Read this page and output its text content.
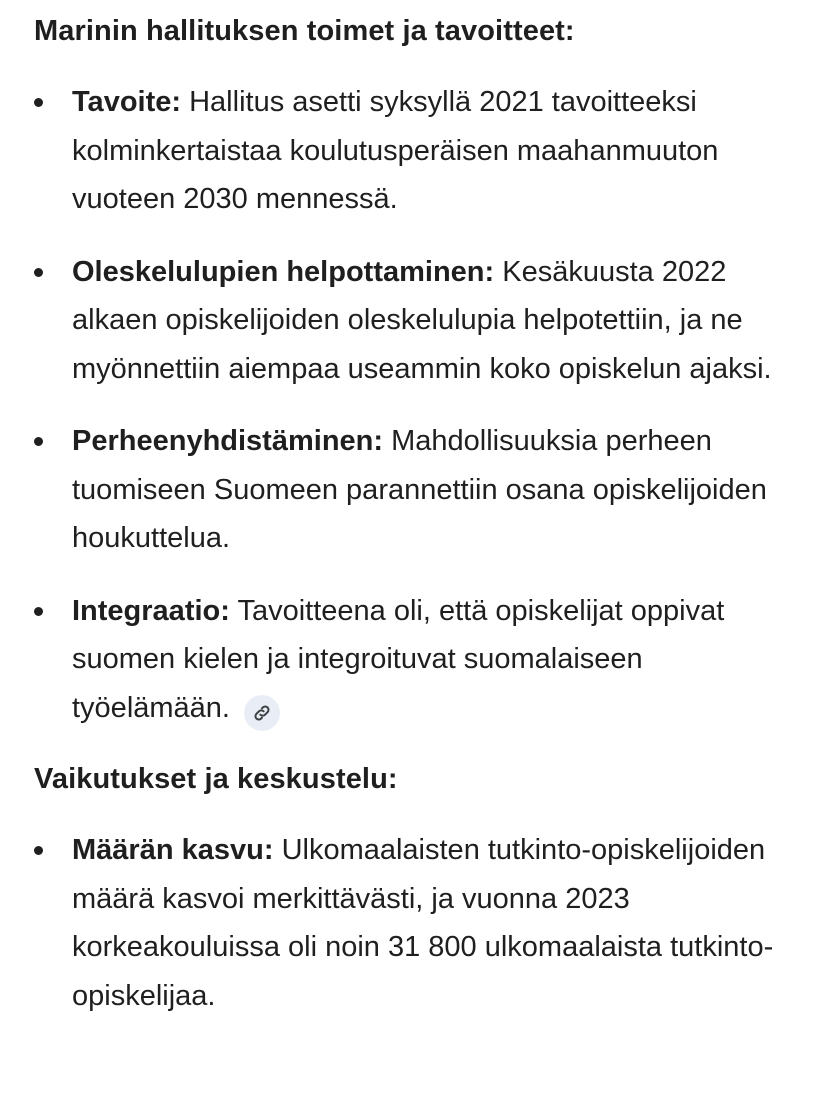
Marinin hallituksen toimet ja tavoitteet:
Tavoite: Hallitus asetti syksyllä 2021 tavoitteeksi kolminkertaistaa koulutusperäisen maahanmuuton vuoteen 2030 mennessä.
Oleskelulupien helpottaminen: Kesäkuusta 2022 alkaen opiskelijoiden oleskelulupia helpotettiin, ja ne myönnettiin aiempaa useammin koko opiskelun ajaksi.
Perheenyhdistäminen: Mahdollisuuksia perheen tuomiseen Suomeen parannettiin osana opiskelijoiden houkuttelua.
Integraatio: Tavoitteena oli, että opiskelijat oppivat suomen kielen ja integroituvat suomalaiseen työelämään.
Vaikutukset ja keskustelu:
Määrän kasvu: Ulkomaalaisten tutkinto-opiskelijoiden määrä kasvoi merkittävästi, ja vuonna 2023 korkeakouluissa oli noin 31 800 ulkomaalaista tutkinto-opiskelijaa.
